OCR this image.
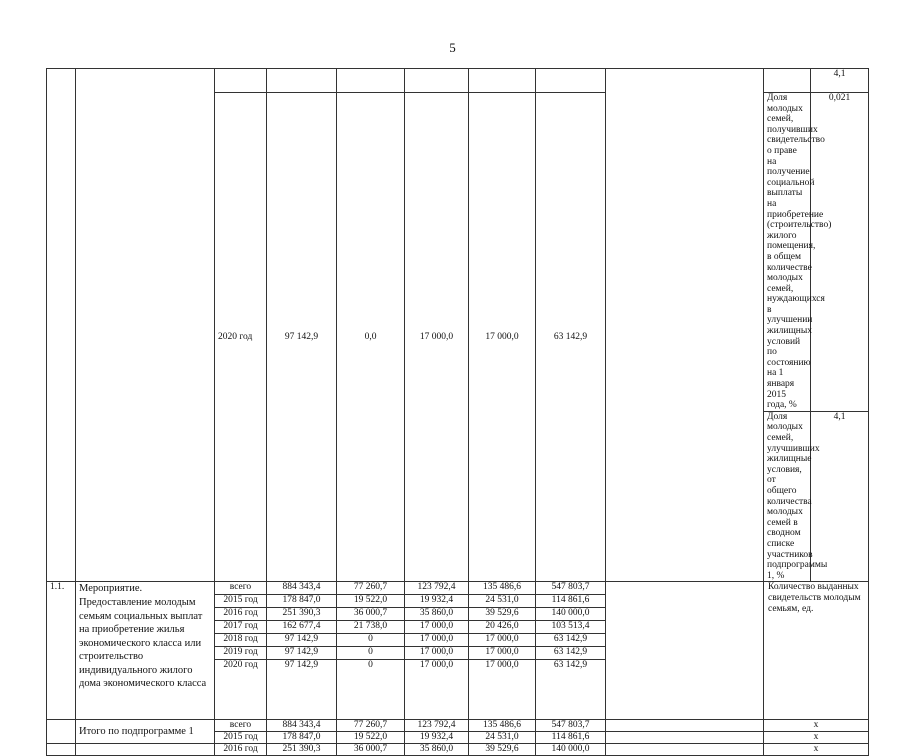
5
										4,1	
		2020 год	97 142,9	0,0	17 000,0	17 000,0	63 142,9		Доля молодых семей, получивших свидетельство о праве на получение социальной выплаты на приобретение (строительство) жилого помещения, в общем количестве молодых семей, нуждающихся в улучшении жилищных условий по состоянию на 1 января 2015 года, %	0,021	
									Доля молодых семей, улучшивших жилищные условия, от общего количества молодых семей в сводном списке участников подпрограммы 1, %	4,1	
1.1.	Мероприятие. Предоставление молодым семьям социальных выплат на приобретение жилья экономического класса или строительство индивидуального жилого дома экономического класса	всего	884 343,4	77 260,7	123 792,4	135 486,6	547 803,7		Количество выданных свидетельств молодым семьям, ед.	
		2015 год	178 847,0	19 522,0	19 932,4	24 531,0	114 861,6	
		2016 год	251 390,3	36 000,7	35 860,0	39 529,6	140 000,0	
		2017 год	162 677,4	21 738,0	17 000,0	20 426,0	103 513,4	
		2018 год	97 142,9	0	17 000,0	17 000,0	63 142,9	
		2019 год	97 142,9	0	17 000,0	17 000,0	63 142,9	
		2020 год	97 142,9	0	17 000,0	17 000,0	63 142,9	
	Итого по подпрограмме 1	всего	884 343,4	77 260,7	123 792,4	135 486,6	547 803,7		х	
		2015 год	178 847,0	19 522,0	19 932,4	24 531,0	114 861,6		х	
		2016 год	251 390,3	36 000,7	35 860,0	39 529,6	140 000,0		х	
